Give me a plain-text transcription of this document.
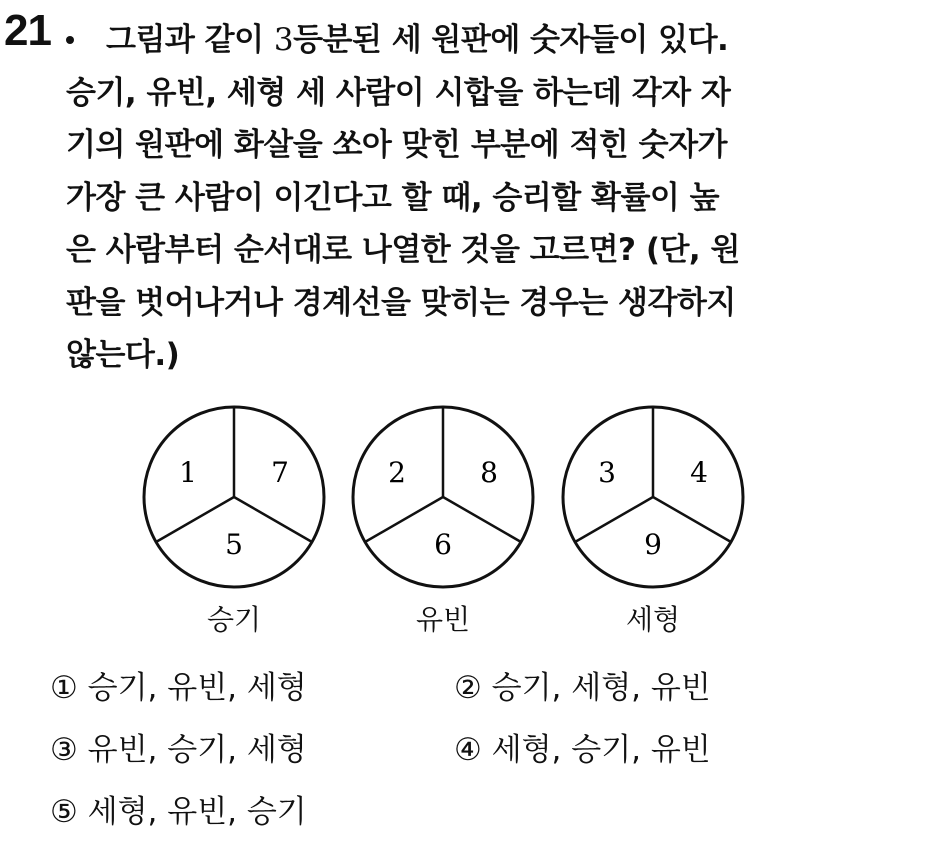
21	그림과 같이 3등분된 세 원판에 숫자들이 있다.
승기, 유빈, 세형 세 사람이 시합을 하는데 각자 자
기의 원판에 화살을 쏘아 맞힌 부분에 적힌 숫자가
가장 큰 사람이 이긴다고 할 때, 승리할 확률이 높
은 사람부터 순서대로 나열한 것을 고르면? (단, 원
판을 벗어나거나 경계선을 맞히는 경우는 생각하지
않는다.)

1	7
5
2	8
6
3	4
9
승기	유빈	세형
① 승기, 유빈, 세형	② 승기, 세형, 유빈
③ 유빈, 승기, 세형	④ 세형, 승기, 유빈
⑤ 세형, 유빈, 승기
